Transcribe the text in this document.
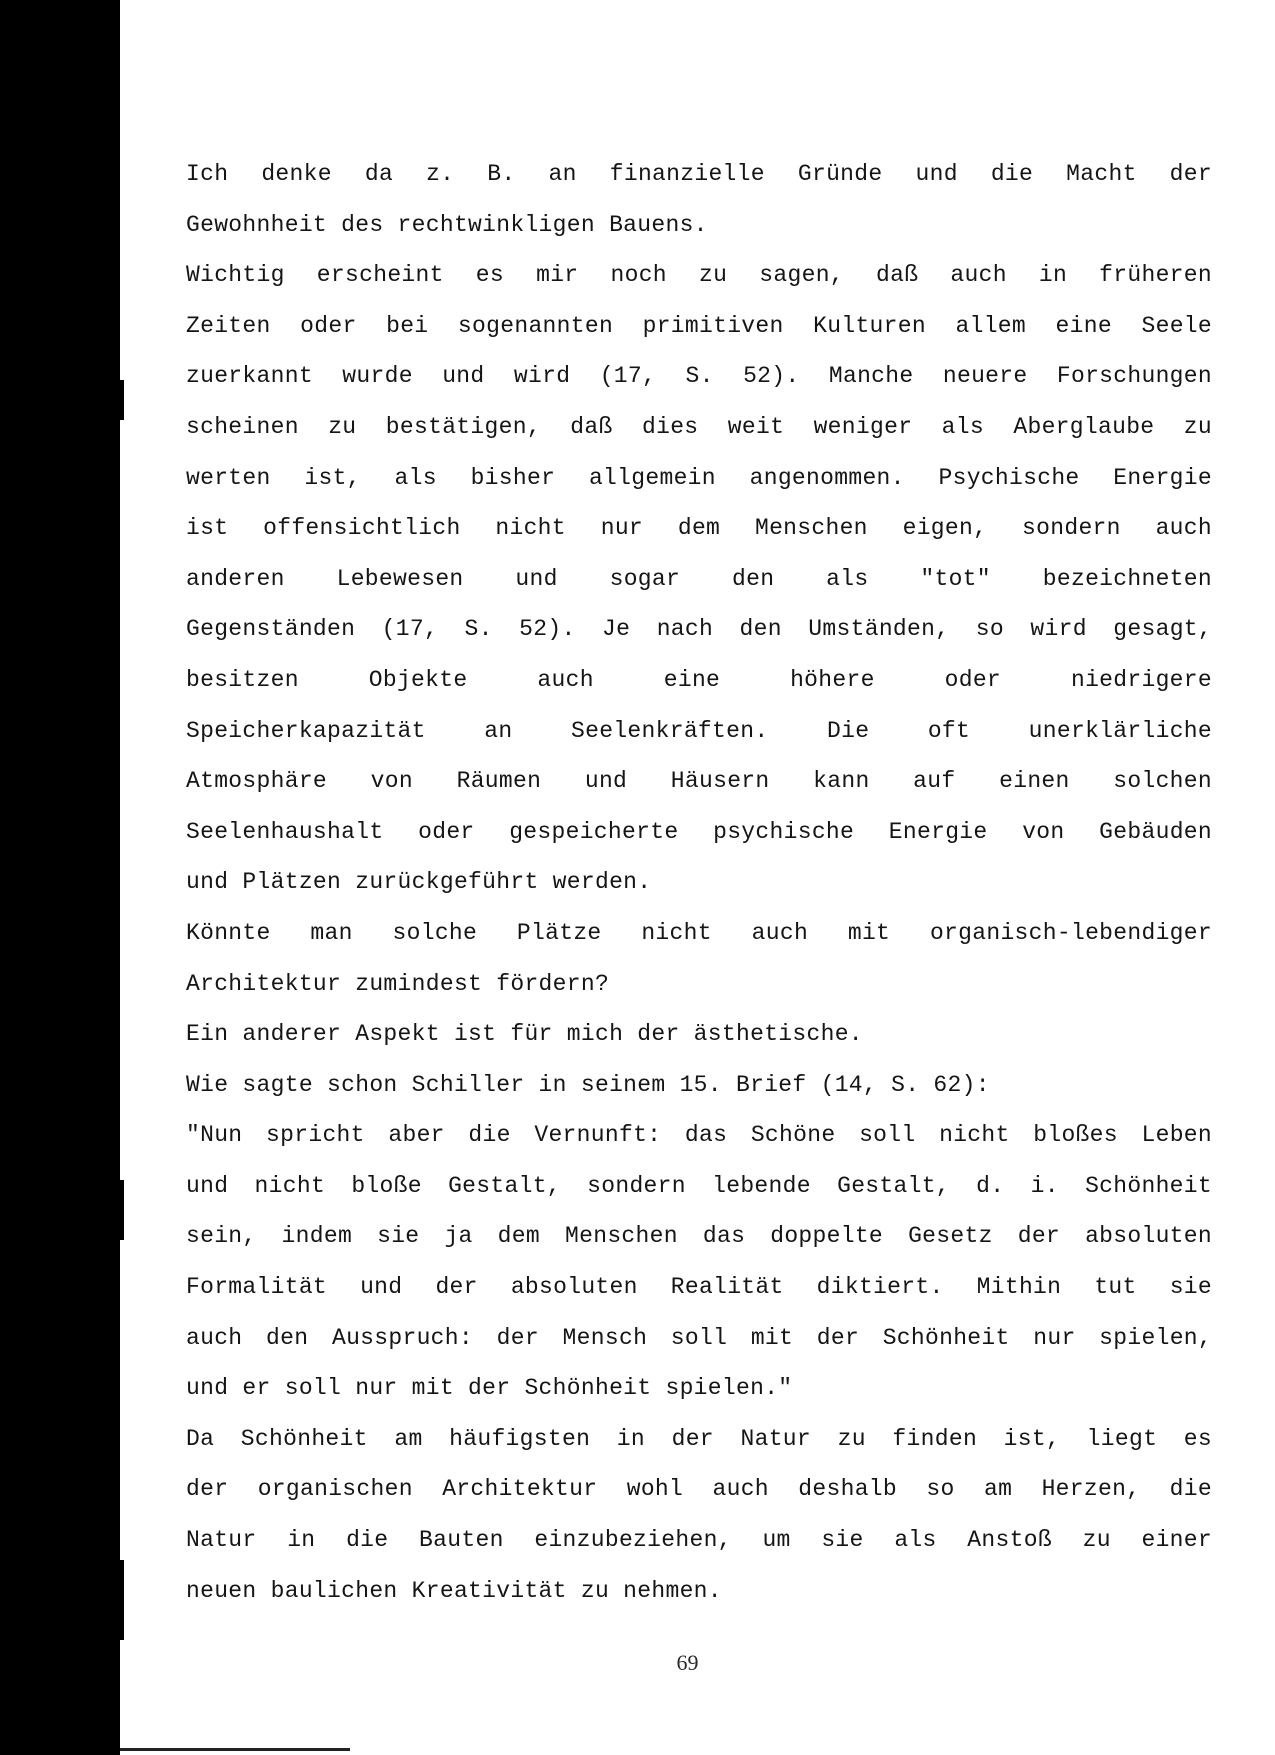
Ich denke da z. B. an finanzielle Gründe und die Macht der
Gewohnheit des rechtwinkligen Bauens.
Wichtig erscheint es mir noch zu sagen, daß auch in früheren
Zeiten oder bei sogenannten primitiven Kulturen allem eine Seele
zuerkannt wurde und wird (17, S. 52). Manche neuere Forschungen
scheinen zu bestätigen, daß dies weit weniger als Aberglaube zu
werten ist, als bisher allgemein angenommen. Psychische Energie
ist offensichtlich nicht nur dem Menschen eigen, sondern auch
anderen Lebewesen und sogar den als "tot" bezeichneten
Gegenständen (17, S. 52). Je nach den Umständen, so wird gesagt,
besitzen Objekte auch eine höhere oder niedrigere
Speicherkapazität an Seelenkräften. Die oft unerklärliche
Atmosphäre von Räumen und Häusern kann auf einen solchen
Seelenhaushalt oder gespeicherte psychische Energie von Gebäuden
und Plätzen zurückgeführt werden.
Könnte man solche Plätze nicht auch mit organisch-lebendiger
Architektur zumindest fördern?
Ein anderer Aspekt ist für mich der ästhetische.
Wie sagte schon Schiller in seinem 15. Brief (14, S. 62):
"Nun spricht aber die Vernunft: das Schöne soll nicht bloßes Leben
und nicht bloße Gestalt, sondern lebende Gestalt, d. i. Schönheit
sein, indem sie ja dem Menschen das doppelte Gesetz der absoluten
Formalität und der absoluten Realität diktiert. Mithin tut sie
auch den Ausspruch: der Mensch soll mit der Schönheit nur spielen,
und er soll nur mit der Schönheit spielen."
Da Schönheit am häufigsten in der Natur zu finden ist, liegt es
der organischen Architektur wohl auch deshalb so am Herzen, die
Natur in die Bauten einzubeziehen, um sie als Anstoß zu einer
neuen baulichen Kreativität zu nehmen.
69
